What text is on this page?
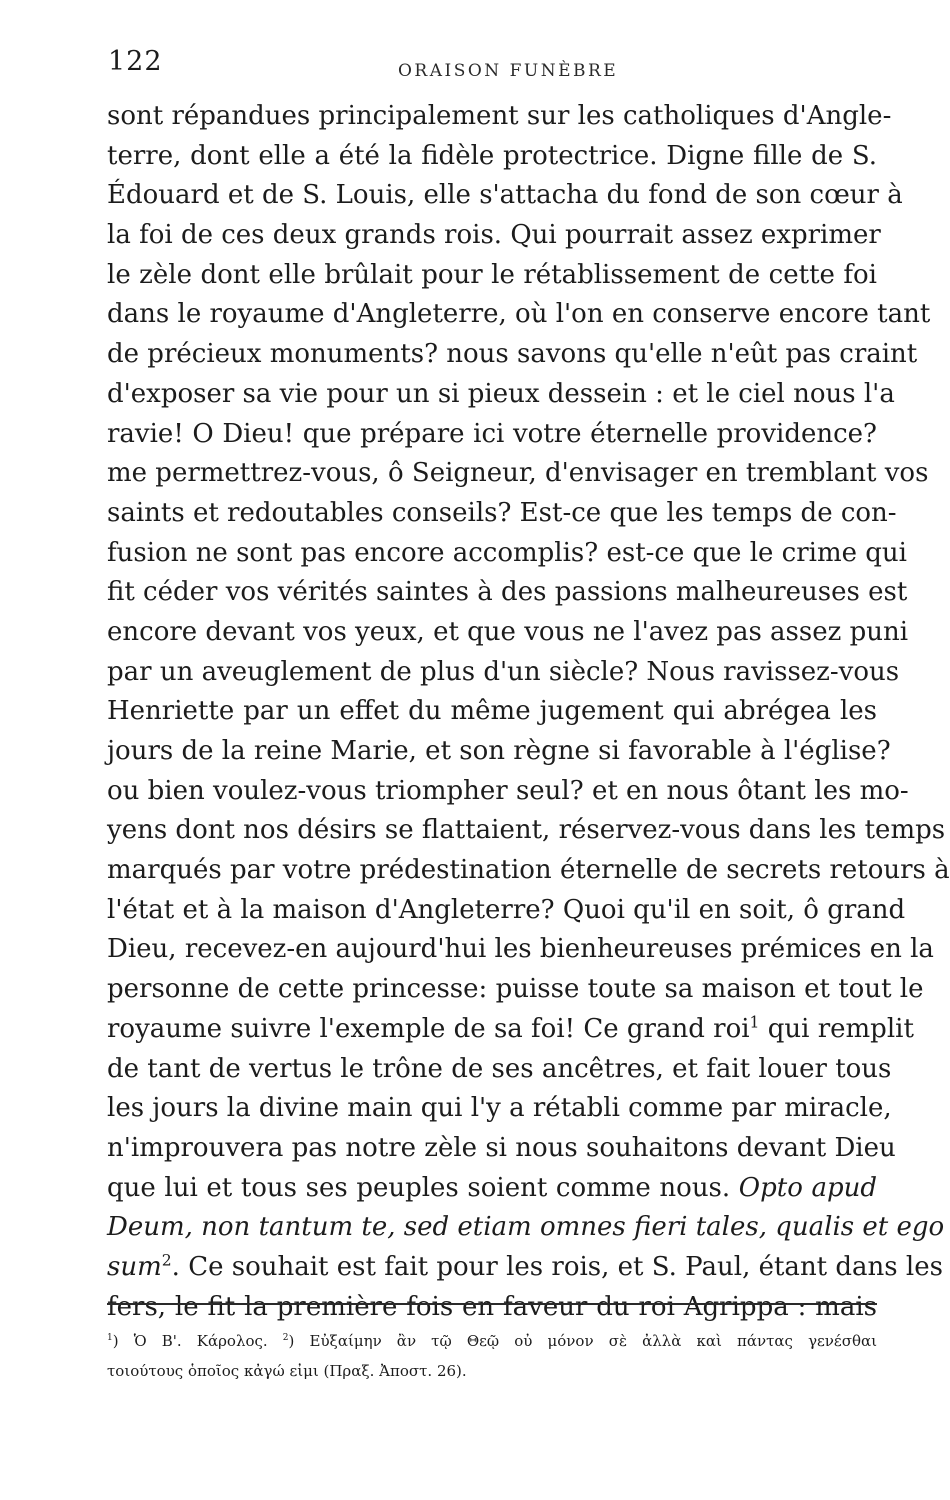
122	ORAISON FUNÈBRE
sont répandues principalement sur les catholiques d'Angle-
terre, dont elle a été la fidèle protectrice. Digne fille de S.
Édouard et de S. Louis, elle s'attacha du fond de son cœur à
la foi de ces deux grands rois. Qui pourrait assez exprimer
le zèle dont elle brûlait pour le rétablissement de cette foi
dans le royaume d'Angleterre, où l'on en conserve encore tant
de précieux monuments? nous savons qu'elle n'eût pas craint
d'exposer sa vie pour un si pieux dessein : et le ciel nous l'a
ravie! O Dieu! que prépare ici votre éternelle providence?
me permettrez-vous, ô Seigneur, d'envisager en tremblant vos
saints et redoutables conseils? Est-ce que les temps de con-
fusion ne sont pas encore accomplis? est-ce que le crime qui
fit céder vos vérités saintes à des passions malheureuses est
encore devant vos yeux, et que vous ne l'avez pas assez puni
par un aveuglement de plus d'un siècle? Nous ravissez-vous
Henriette par un effet du même jugement qui abrégea les
jours de la reine Marie, et son règne si favorable à l'église?
ou bien voulez-vous triompher seul? et en nous ôtant les mo-
yens dont nos désirs se flattaient, réservez-vous dans les temps
marqués par votre prédestination éternelle de secrets retours à
l'état et à la maison d'Angleterre? Quoi qu'il en soit, ô grand
Dieu, recevez-en aujourd'hui les bienheureuses prémices en la
personne de cette princesse: puisse toute sa maison et tout le
royaume suivre l'exemple de sa foi! Ce grand roi$^1$ qui remplit
de tant de vertus le trône de ses ancêtres, et fait louer tous
les jours la divine main qui l'y a rétabli comme par miracle,
n'improuvera pas notre zèle si nous souhaitons devant Dieu
que lui et tous ses peuples soient comme nous. Opto apud
Deum, non tantum te, sed etiam omnes fieri tales, qualis et ego
sum$^2$. Ce souhait est fait pour les rois, et S. Paul, étant dans les
fers, le fit la première fois en faveur du roi Agrippa : mais
$^1$) Ὁ Β'. Κάρολος. $^2$) Εὐξαίμην ἂν τῷ Θεῷ οὐ μόνον σὲ ἀλλὰ καὶ πάντας γενέσθαι
τοιούτους ὁποῖος κἀγώ εἰμι (Πραξ. Ἀποστ. 26).
